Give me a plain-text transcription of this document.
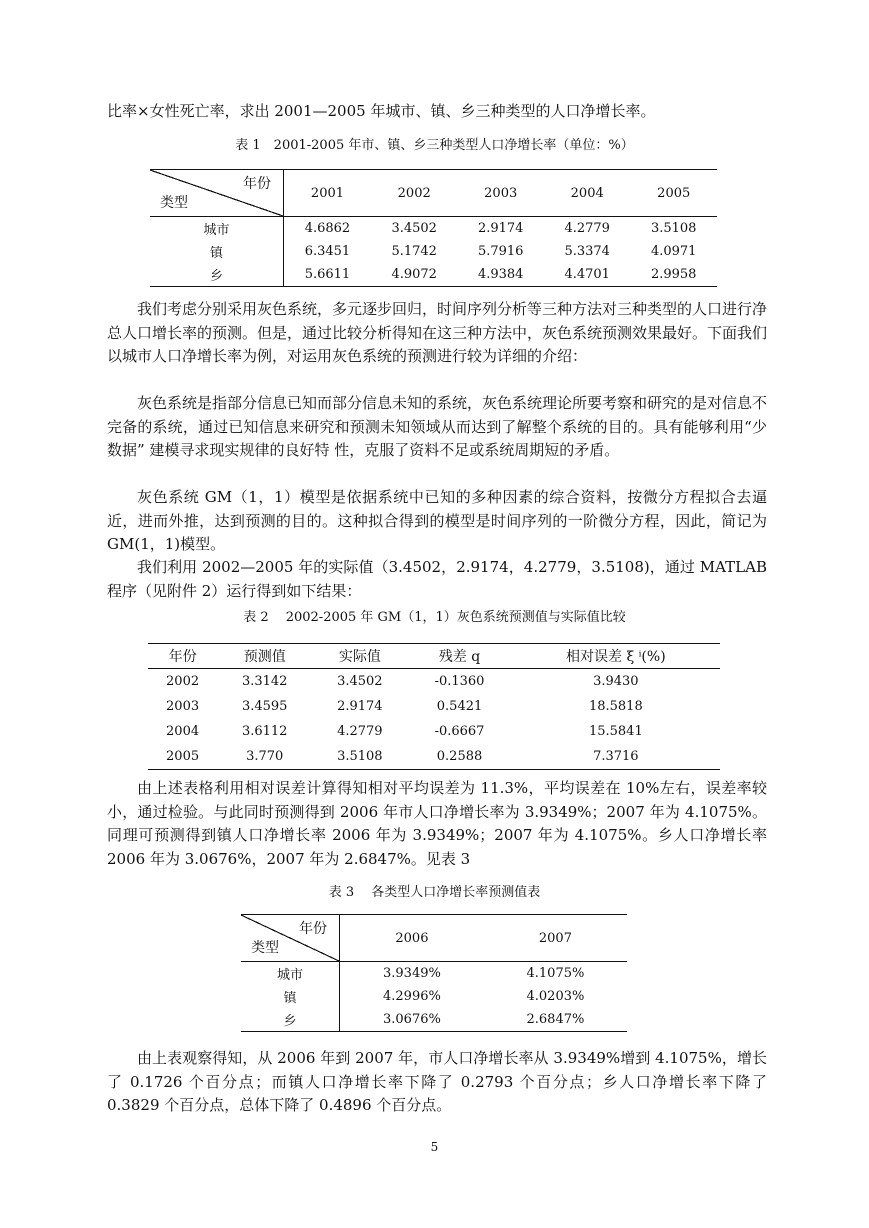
比率×女性死亡率，求出 2001—2005 年城市、镇、乡三种类型的人口净增长率。

表 1　2001-2005 年市、镇、乡三种类型人口净增长率（单位：%）
年份
类型	2001	2002	2003	2004	2005
城市	4.6862	3.4502	2.9174	4.2779	3.5108
镇	6.3451	5.1742	5.7916	5.3374	4.0971
乡	5.6611	4.9072	4.9384	4.4701	2.9958

我们考虑分别采用灰色系统，多元逐步回归，时间序列分析等三种方法对三种类型的人口进行净总人口增长率的预测。但是，通过比较分析得知在这三种方法中，灰色系统预测效果最好。下面我们以城市人口净增长率为例，对运用灰色系统的预测进行较为详细的介绍：

灰色系统是指部分信息已知而部分信息未知的系统，灰色系统理论所要考察和研究的是对信息不完备的系统，通过已知信息来研究和预测未知领域从而达到了解整个系统的目的。具有能够利用“少数据” 建模寻求现实规律的良好特 性，克服了资料不足或系统周期短的矛盾。

灰色系统 GM（1，1）模型是依据系统中已知的多种因素的综合资料，按微分方程拟合去逼近，进而外推，达到预测的目的。这种拟合得到的模型是时间序列的一阶微分方程，因此，简记为 GM(1，1)模型。

我们利用 2002—2005 年的实际值（3.4502，2.9174，4.2779，3.5108)，通过 MATLAB 程序（见附件 2）运行得到如下结果：

表 2　 2002-2005 年 GM（1，1）灰色系统预测值与实际值比较
年份	预测值	实际值	残差 q	相对误差 ξ ⁱ(%)
2002	3.3142	3.4502	-0.1360	3.9430
2003	3.4595	2.9174	0.5421	18.5818
2004	3.6112	4.2779	-0.6667	15.5841
2005	3.770	3.5108	0.2588	7.3716

由上述表格利用相对误差计算得知相对平均误差为 11.3%，平均误差在 10%左右，误差率较小，通过检验。与此同时预测得到 2006 年市人口净增长率为 3.9349%；2007 年为 4.1075%。同理可预测得到镇人口净增长率 2006 年为 3.9349%；2007 年为 4.1075%。乡人口净增长率 2006 年为 3.0676%，2007 年为 2.6847%。见表 3

表 3　 各类型人口净增长率预测值表
年份
类型	2006	2007
城市	3.9349%	4.1075%
镇	4.2996%	4.0203%
乡	3.0676%	2.6847%

由上表观察得知，从 2006 年到 2007 年，市人口净增长率从 3.9349%增到 4.1075%，增长了 0.1726 个百分点；而镇人口净增长率下降了 0.2793 个百分点；乡人口净增长率下降了 0.3829 个百分点，总体下降了 0.4896 个百分点。

5
